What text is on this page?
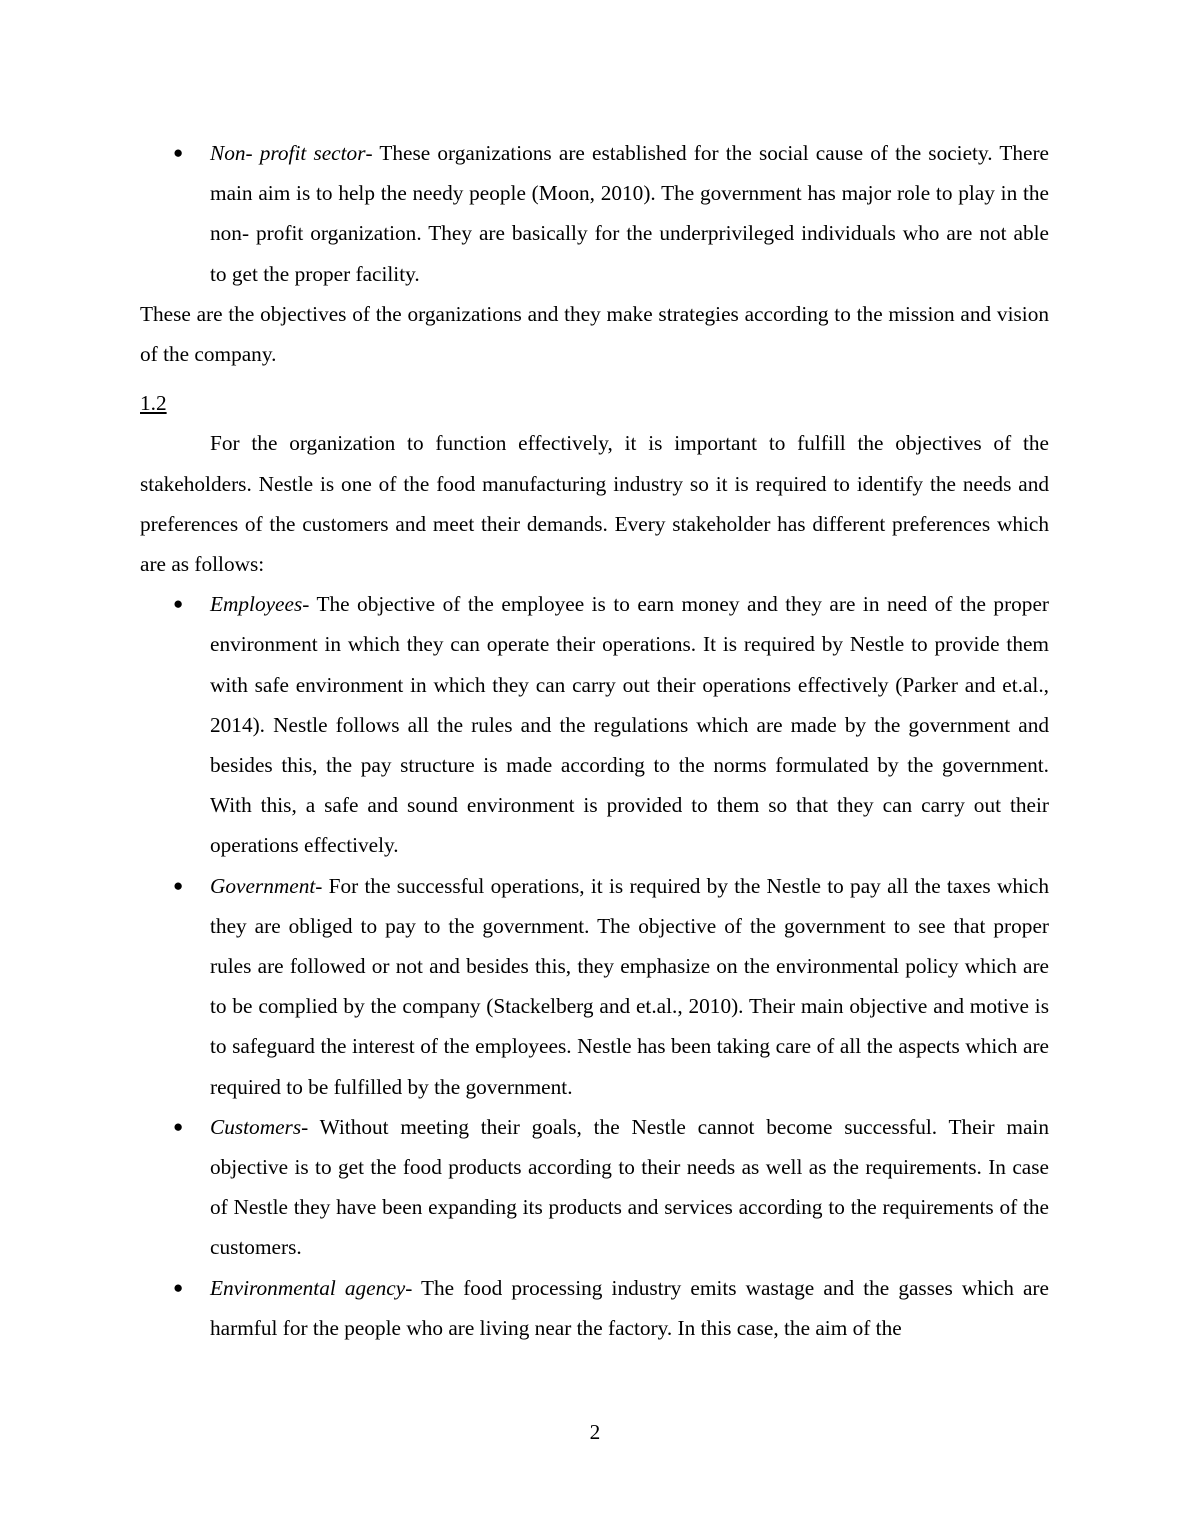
● Non- profit sector- These organizations are established for the social cause of the society. There main aim is to help the needy people (Moon, 2010). The government has major role to play in the non- profit organization. They are basically for the underprivileged individuals who are not able to get the proper facility.

These are the objectives of the organizations and they make strategies according to the mission and vision of the company.

1.2

For the organization to function effectively, it is important to fulfill the objectives of the stakeholders. Nestle is one of the food manufacturing industry so it is required to identify the needs and preferences of the customers and meet their demands. Every stakeholder has different preferences which are as follows:

● Employees- The objective of the employee is to earn money and they are in need of the proper environment in which they can operate their operations. It is required by Nestle to provide them with safe environment in which they can carry out their operations effectively (Parker and et.al., 2014). Nestle follows all the rules and the regulations which are made by the government and besides this, the pay structure is made according to the norms formulated by the government. With this, a safe and sound environment is provided to them so that they can carry out their operations effectively.
● Government- For the successful operations, it is required by the Nestle to pay all the taxes which they are obliged to pay to the government. The objective of the government to see that proper rules are followed or not and besides this, they emphasize on the environmental policy which are to be complied by the company (Stackelberg and et.al., 2010). Their main objective and motive is to safeguard the interest of the employees. Nestle has been taking care of all the aspects which are required to be fulfilled by the government.
● Customers- Without meeting their goals, the Nestle cannot become successful. Their main objective is to get the food products according to their needs as well as the requirements. In case of Nestle they have been expanding its products and services according to the requirements of the customers.
● Environmental agency- The food processing industry emits wastage and the gasses which are harmful for the people who are living near the factory. In this case, the aim of the
2
